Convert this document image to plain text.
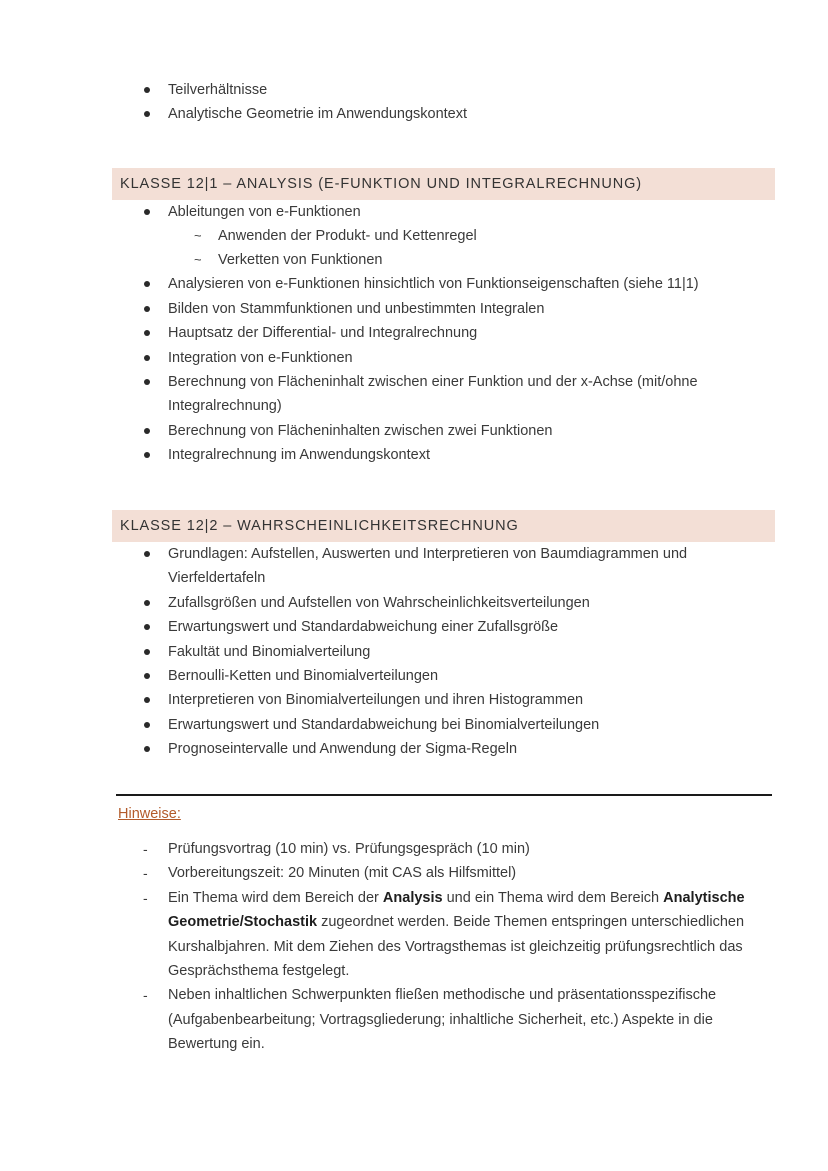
Teilverhältnisse
Analytische Geometrie im Anwendungskontext
KLASSE 12|1 – ANALYSIS (E-FUNKTION UND INTEGRALRECHNUNG)
Ableitungen von e-Funktionen
~ Anwenden der Produkt- und Kettenregel
~ Verketten von Funktionen
Analysieren von e-Funktionen hinsichtlich von Funktionseigenschaften (siehe 11|1)
Bilden von Stammfunktionen und unbestimmten Integralen
Hauptsatz der Differential- und Integralrechnung
Integration von e-Funktionen
Berechnung von Flächeninhalt zwischen einer Funktion und der x-Achse (mit/ohne Integralrechnung)
Berechnung von Flächeninhalten zwischen zwei Funktionen
Integralrechnung im Anwendungskontext
KLASSE 12|2 – WAHRSCHEINLICHKEITSRECHNUNG
Grundlagen: Aufstellen, Auswerten und Interpretieren von Baumdiagrammen und Vierfeldertafeln
Zufallsgrößen und Aufstellen von Wahrscheinlichkeitsverteilungen
Erwartungswert und Standardabweichung einer Zufallsgröße
Fakultät und Binomialverteilung
Bernoulli-Ketten und Binomialverteilungen
Interpretieren von Binomialverteilungen und ihren Histogrammen
Erwartungswert und Standardabweichung bei Binomialverteilungen
Prognoseintervalle und Anwendung der Sigma-Regeln
Hinweise:
- Prüfungsvortrag (10 min) vs. Prüfungsgespräch (10 min)
- Vorbereitungszeit: 20 Minuten (mit CAS als Hilfsmittel)
- Ein Thema wird dem Bereich der Analysis und ein Thema wird dem Bereich Analytische Geometrie/Stochastik zugeordnet werden. Beide Themen entspringen unterschiedlichen Kurshalbjahren. Mit dem Ziehen des Vortragsthemas ist gleichzeitig prüfungsrechtlich das Gesprächsthema festgelegt.
- Neben inhaltlichen Schwerpunkten fließen methodische und präsentationsspezifische (Aufgabenbearbeitung; Vortragsgliederung; inhaltliche Sicherheit, etc.) Aspekte in die Bewertung ein.
